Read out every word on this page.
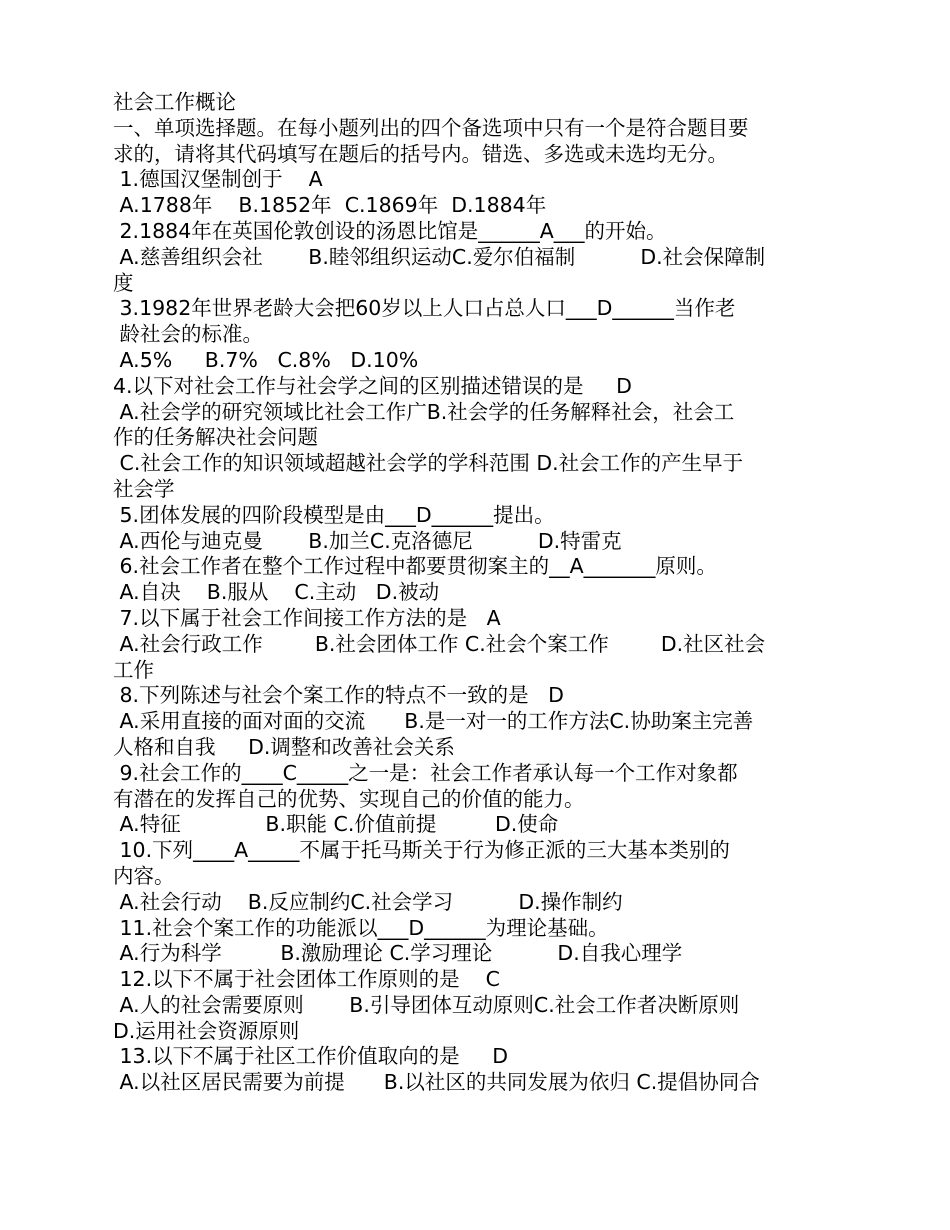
社会工作概论
一、单项选择题。在每小题列出的四个备选项中只有一个是符合题目要
求的，请将其代码填写在题后的括号内。错选、多选或未选均无分。
1.德国汉堡制创于    A
A.1788年    B.1852年  C.1869年  D.1884年
2.1884年在英国伦敦创设的汤恩比馆是______A___的开始。
A.慈善组织会社       B.睦邻组织运动C.爱尔伯福制          D.社会保障制
度
3.1982年世界老龄大会把60岁以上人口占总人口___D______当作老
龄社会的标准。
A.5%     B.7%   C.8%   D.10%
4.以下对社会工作与社会学之间的区别描述错误的是     D
A.社会学的研究领域比社会工作广B.社会学的任务解释社会，社会工
作的任务解决社会问题
C.社会工作的知识领域超越社会学的学科范围 D.社会工作的产生早于
社会学
5.团体发展的四阶段模型是由___D______提出。
A.西伦与迪克曼       B.加兰C.克洛德尼          D.特雷克
6.社会工作者在整个工作过程中都要贯彻案主的__A_______原则。
A.自决    B.服从    C.主动   D.被动
7.以下属于社会工作间接工作方法的是   A
A.社会行政工作        B.社会团体工作 C.社会个案工作        D.社区社会
工作
8.下列陈述与社会个案工作的特点不一致的是   D
A.采用直接的面对面的交流      B.是一对一的工作方法C.协助案主完善
人格和自我     D.调整和改善社会关系
9.社会工作的____C_____之一是：社会工作者承认每一个工作对象都
有潜在的发挥自己的优势、实现自己的价值的能力。
A.特征             B.职能 C.价值前提         D.使命
10.下列____A_____不属于托马斯关于行为修正派的三大基本类别的
内容。
A.社会行动    B.反应制约C.社会学习          D.操作制约
11.社会个案工作的功能派以___D______为理论基础。
A.行为科学         B.激励理论 C.学习理论          D.自我心理学
12.以下不属于社会团体工作原则的是    C
A.人的社会需要原则       B.引导团体互动原则C.社会工作者决断原则
D.运用社会资源原则
13.以下不属于社区工作价值取向的是     D
A.以社区居民需要为前提      B.以社区的共同发展为依归 C.提倡协同合
